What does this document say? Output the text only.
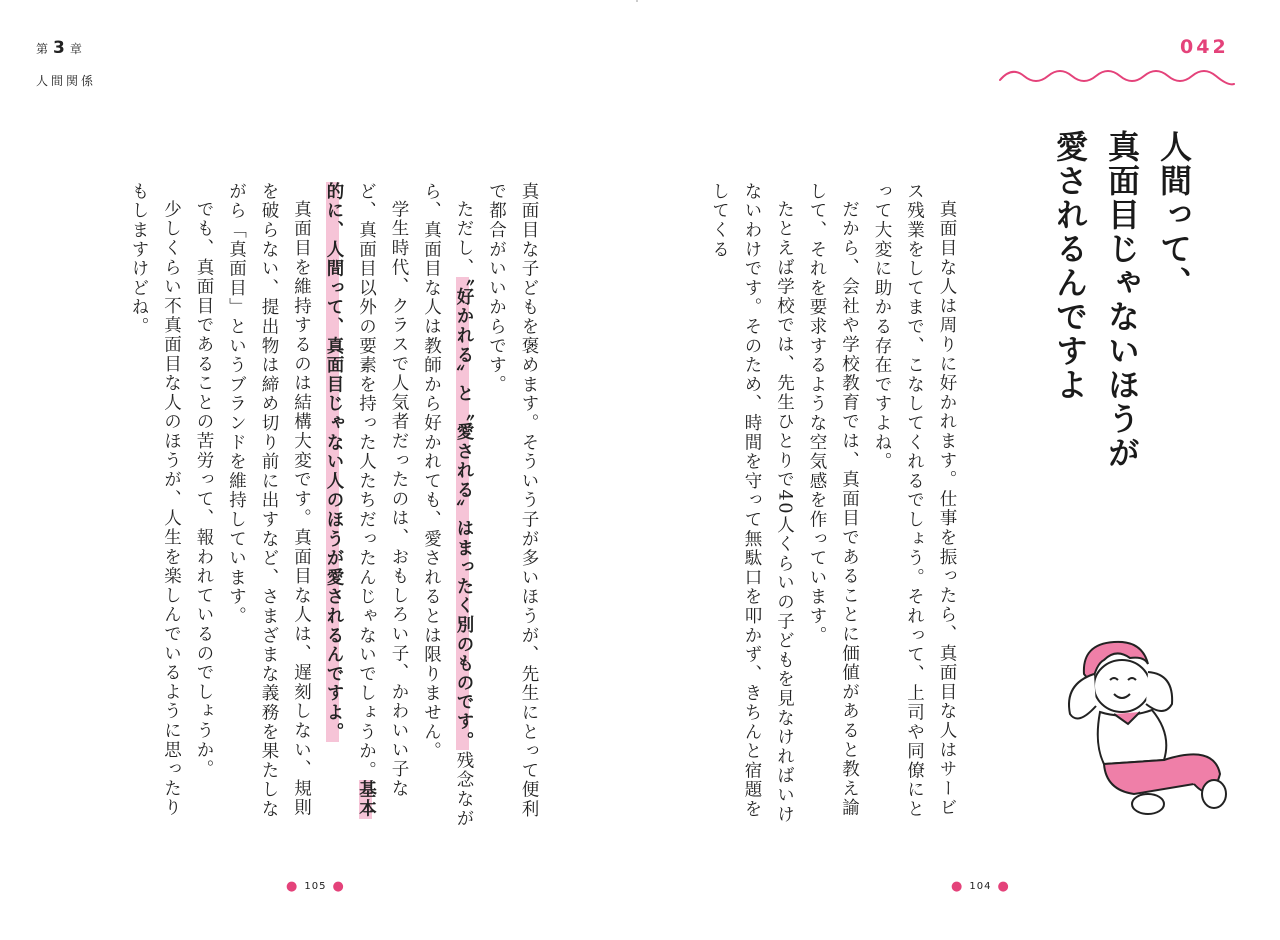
第 3 章
人間関係

真面目な子どもを褒めます。そういう子が多いほうが、先生にとって便利で都合がいいからです。

ただし、〝好かれる〟と〝愛される〟はまったく別のものです。残念ながら、真面目な人は教師から好かれても、愛されるとは限りません。

学生時代、クラスで人気者だったのは、おもしろい子、かわいい子など、真面目以外の要素を持った人たちだったんじゃないでしょうか。基本的に、人間って、真面目じゃない人のほうが愛されるんですよ。

真面目を維持するのは結構大変です。真面目な人は、遅刻しない、規則を破らない、提出物は締め切り前に出すなど、さまざまな義務を果たしながら「真面目」というブランドを維持しています。

でも、真面目であることの苦労って、報われているのでしょうか。

少しくらい不真面目な人のほうが、人生を楽しんでいるように思ったりもしますけどね。

● 105 ●
042
人間って、
真面目じゃないほうが
愛されるんですよ

真面目な人は周りに好かれます。仕事を振ったら、真面目な人はサービス残業をしてまで、こなしてくれるでしょう。それって、上司や同僚にとって大変に助かる存在ですよね。

だから、会社や学校教育では、真面目であることに価値があると教え諭して、それを要求するような空気感を作っています。

たとえば学校では、先生ひとりで40人くらいの子どもを見なければいけないわけです。そのため、時間を守って無駄口を叩かず、きちんと宿題をしてくる

● 104 ●
